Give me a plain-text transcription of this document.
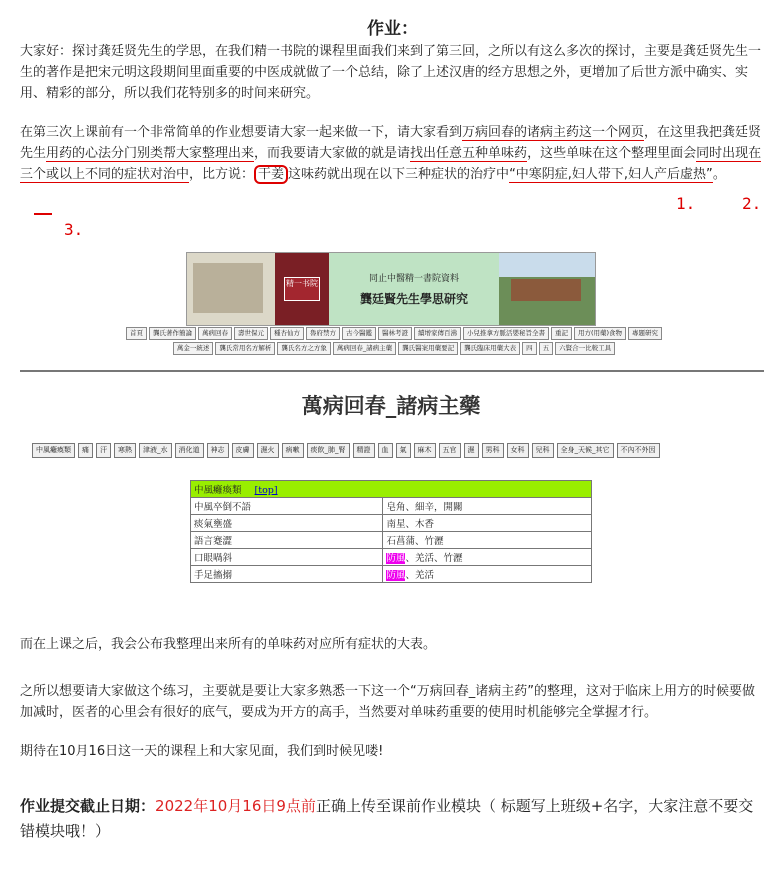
作业：

大家好：探讨龚廷贤先生的学思，在我们精一书院的课程里面我们来到了第三回，之所以有这么多次的探讨，主要是龚廷贤先生一生的著作是把宋元明这段期间里面重要的中医成就做了一个总结，除了上述汉唐的经方思想之外，更增加了后世方派中确实、实用、精彩的部分，所以我们花特别多的时间来研究。

在第三次上课前有一个非常简单的作业想要请大家一起来做一下，请大家看到万病回春的诸病主药这一个网页，在这里我把龚廷贤先生用药的心法分门别类帮大家整理出来，而我要请大家做的就是请找出任意五种单味药，这些单味在这个整理里面会同时出现在三个或以上不同的症状对治中，比方说： 干姜 这味药就出现在以下三种症状的治疗中“中寒阴症,妇人带下,妇人产后虚热”。

1.	2.
3.
精一书院	同止中醫精一書院資料
龔廷賢先生學思研究
首頁	龔氏著作簡論	萬病回春	壽世保元	種杏仙方	魯府禁方	古今醫鑑	醫林考證	續增家傳百沸	小兒推拿方脈活嬰秘旨全書	重記	用方(用藥)食物	專題研究
萬金一統述	龔氏常用名方解析	龔氏名方之方象	萬病回春_諸病主藥	龔氏醫案用藥要記	龔氏臨床用藥大表	四	五	六賢合一比較工具
萬病回春_諸病主藥
中風癱瘓類	痛	汗	寒熱	津液_水	消化道	神志	皮膚	濕火	病嗽	痰飲_肺_腎	精證	血	氣	麻木	五官	濕	男科	女科	兒科	全身_天候_其它	不內不外因
中風癱瘓類 [top]	
中風卒倒不語	皂角、細辛，開關
痰氣壅盛	南星、木香
語言蹇澀	石菖蒲、竹瀝
口眼喎斜	防風、羌活、竹瀝
手足搐搦	防風、羌活

而在上课之后，我会公布我整理出来所有的单味药对应所有症状的大表。

之所以想要请大家做这个练习，主要就是要让大家多熟悉一下这一个“万病回春_诸病主药”的整理，这对于临床上用方的时候要做加减时，医者的心里会有很好的底气，要成为开方的高手，当然要对单味药重要的使用时机能够完全掌握才行。

期待在10月16日这一天的课程上和大家见面，我们到时候见喽!

作业提交截止日期：2022年10月16日9点前正确上传至课前作业模块（ 标题写上班级+名字，大家注意不要交错模块哦！）
